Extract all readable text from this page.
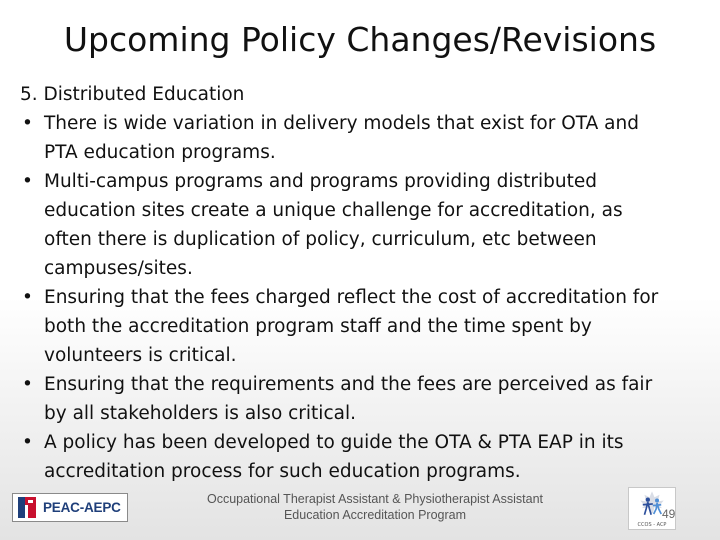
Upcoming Policy Changes/Revisions
5. Distributed Education
• There is wide variation in delivery models that exist for OTA and
PTA education programs.
• Multi-campus programs and programs providing distributed
education sites create a unique challenge for accreditation, as
often there is duplication of policy, curriculum, etc between
campuses/sites.
• Ensuring that the fees charged reflect the cost of accreditation for
both the accreditation program staff and the time spent by
volunteers is critical.
• Ensuring that the requirements and the fees are perceived as fair
by all stakeholders is also critical.
• A policy has been developed to guide the OTA & PTA EAP in its
accreditation process for such education programs.
PEAC-AEPC
Occupational Therapist Assistant & Physiotherapist Assistant
Education Accreditation Program
CCOS - ACP
49
